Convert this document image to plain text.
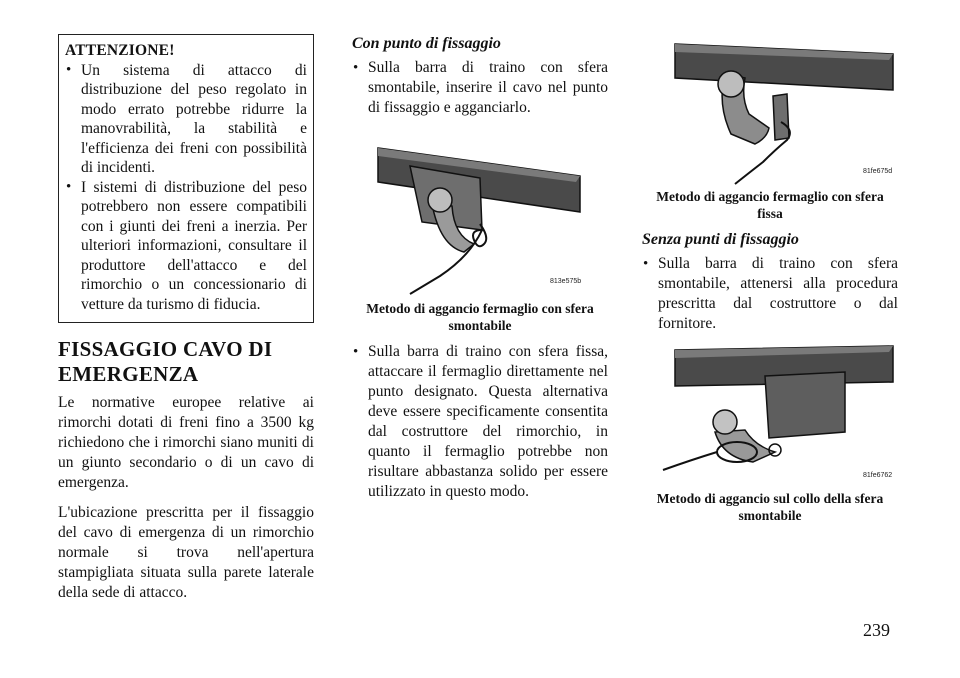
ATTENZIONE!
• Un sistema di attacco di distribuzione del peso regolato in modo errato potrebbe ridurre la manovrabilità, la stabilità e l'efficienza dei freni con possibilità di incidenti.
• I sistemi di distribuzione del peso potrebbero non essere compatibili con i giunti dei freni a inerzia. Per ulteriori informazioni, consultare il produttore dell'attacco e del rimorchio o un concessionario di vetture da turismo di fiducia.
FISSAGGIO CAVO DI EMERGENZA

Le normative europee relative ai rimorchi dotati di freni fino a 3500 kg richiedono che i rimorchi siano muniti di un giunto secondario o di un cavo di emergenza.

L'ubicazione prescritta per il fissaggio del cavo di emergenza di un rimorchio normale si trova nell'apertura stampigliata situata sulla parete laterale della sede di attacco.

Con punto di fissaggio
• Sulla barra di traino con sfera smontabile, inserire il cavo nel punto di fissaggio e agganciarlo.
813e575b
Metodo di aggancio fermaglio con sfera smontabile
• Sulla barra di traino con sfera fissa, attaccare il fermaglio direttamente nel punto designato. Questa alternativa deve essere specificamente consentita dal costruttore del rimorchio, in quanto il fermaglio potrebbe non risultare abbastanza solido per essere utilizzato in questo modo.
81fe675d
Metodo di aggancio fermaglio con sfera fissa
Senza punti di fissaggio
• Sulla barra di traino con sfera smontabile, attenersi alla procedura prescritta dal costruttore o dal fornitore.
81fe6762
Metodo di aggancio sul collo della sfera smontabile
239
